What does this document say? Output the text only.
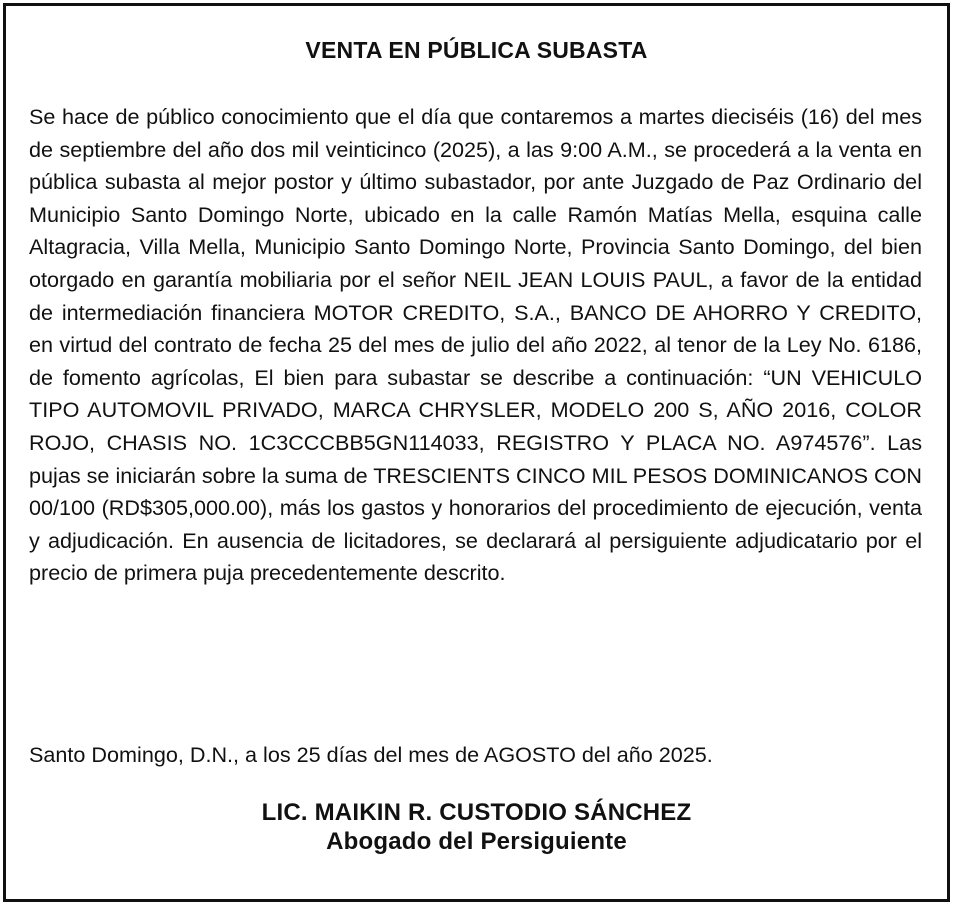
VENTA EN PÚBLICA SUBASTA
Se hace de público conocimiento que el día que contaremos a martes dieciséis (16) del mes de septiembre del año dos mil veinticinco (2025), a las 9:00 A.M., se procederá a la venta en pública subasta al mejor postor y último subastador, por ante Juzgado de Paz Ordinario del Municipio Santo Domingo Norte, ubicado en la calle Ramón Matías Mella, esquina calle Altagracia, Villa Mella, Municipio Santo Domingo Norte, Provincia Santo Domingo, del bien otorgado en garantía mobiliaria por el señor NEIL JEAN LOUIS PAUL, a favor de la entidad de intermediación financiera MOTOR CREDITO, S.A., BANCO DE AHORRO Y CREDITO, en virtud del contrato de fecha 25 del mes de julio del año 2022, al tenor de la Ley No. 6186, de fomento agrícolas, El bien para subastar se describe a continuación: “UN VEHICULO TIPO AUTOMOVIL PRIVADO, MARCA CHRYSLER, MODELO 200 S, AÑO 2016, COLOR ROJO, CHASIS NO. 1C3CCCBB5GN114033, REGISTRO Y PLACA NO. A974576”. Las pujas se iniciarán sobre la suma de TRESCIENTS CINCO MIL PESOS DOMINICANOS CON 00/100 (RD$305,000.00), más los gastos y honorarios del procedimiento de ejecución, venta y adjudicación. En ausencia de licitadores, se declarará al persiguiente adjudicatario por el precio de primera puja precedentemente descrito.
Santo Domingo, D.N., a los 25 días del mes de AGOSTO del año 2025.
LIC. MAIKIN R. CUSTODIO SÁNCHEZ
Abogado del Persiguiente
